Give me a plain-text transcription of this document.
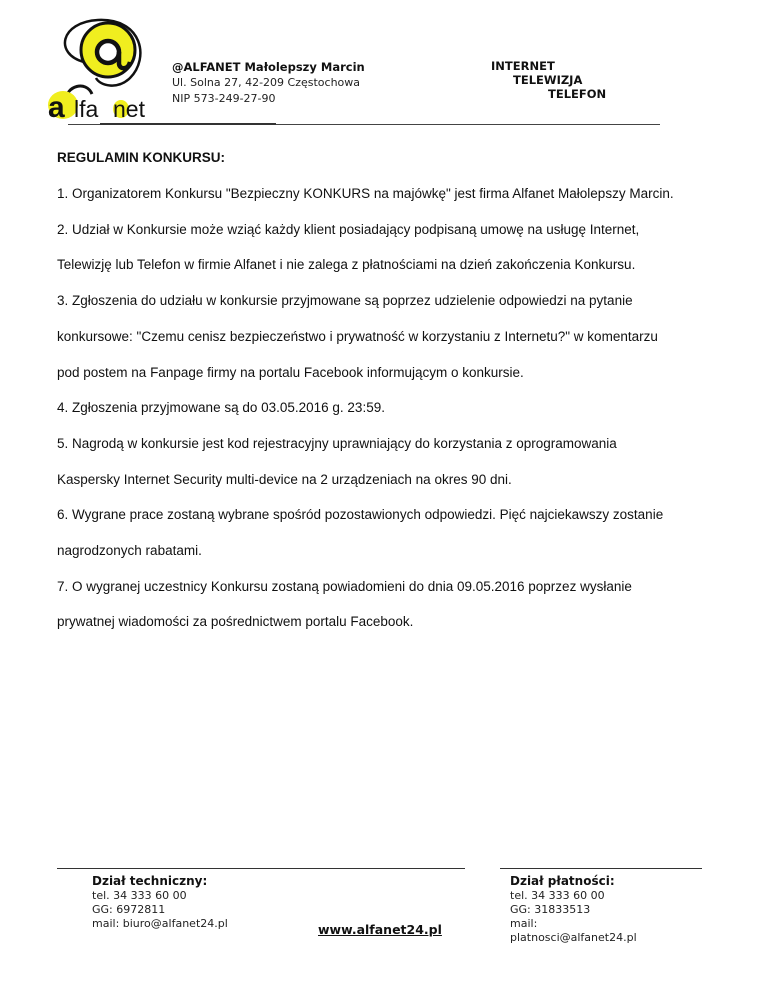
a lfa net
@ALFANET Małolepszy Marcin
Ul. Solna 27, 42-209 Częstochowa
NIP 573-249-27-90
INTERNET
TELEWIZJA
TELEFON
REGULAMIN KONKURSU:

1. Organizatorem Konkursu "Bezpieczny KONKURS na majówkę" jest firma Alfanet Małolepszy Marcin.

2. Udział w Konkursie może wziąć każdy klient posiadający podpisaną umowę na usługę Internet,

Telewizję lub Telefon w firmie Alfanet i nie zalega z płatnościami na dzień zakończenia Konkursu.

3. Zgłoszenia do udziału w konkursie przyjmowane są poprzez udzielenie odpowiedzi na pytanie

konkursowe: "Czemu cenisz bezpieczeństwo i prywatność w korzystaniu z Internetu?" w komentarzu

pod postem na Fanpage firmy na portalu Facebook informującym o konkursie.

4. Zgłoszenia przyjmowane są do 03.05.2016 g. 23:59.

5. Nagrodą w konkursie jest kod rejestracyjny uprawniający do korzystania z oprogramowania

Kaspersky Internet Security multi-device na 2 urządzeniach na okres 90 dni.

6. Wygrane prace zostaną wybrane spośród pozostawionych odpowiedzi. Pięć najciekawszy zostanie

nagrodzonych rabatami.

7. O wygranej uczestnicy Konkursu zostaną powiadomieni do dnia 09.05.2016 poprzez wysłanie

prywatnej wiadomości za pośrednictwem portalu Facebook.

Dział techniczny:
tel. 34 333 60 00
GG: 6972811
mail: biuro@alfanet24.pl	www.alfanet24.pl
Dział płatności:
tel. 34 333 60 00
GG: 31833513
mail:
platnosci@alfanet24.pl
